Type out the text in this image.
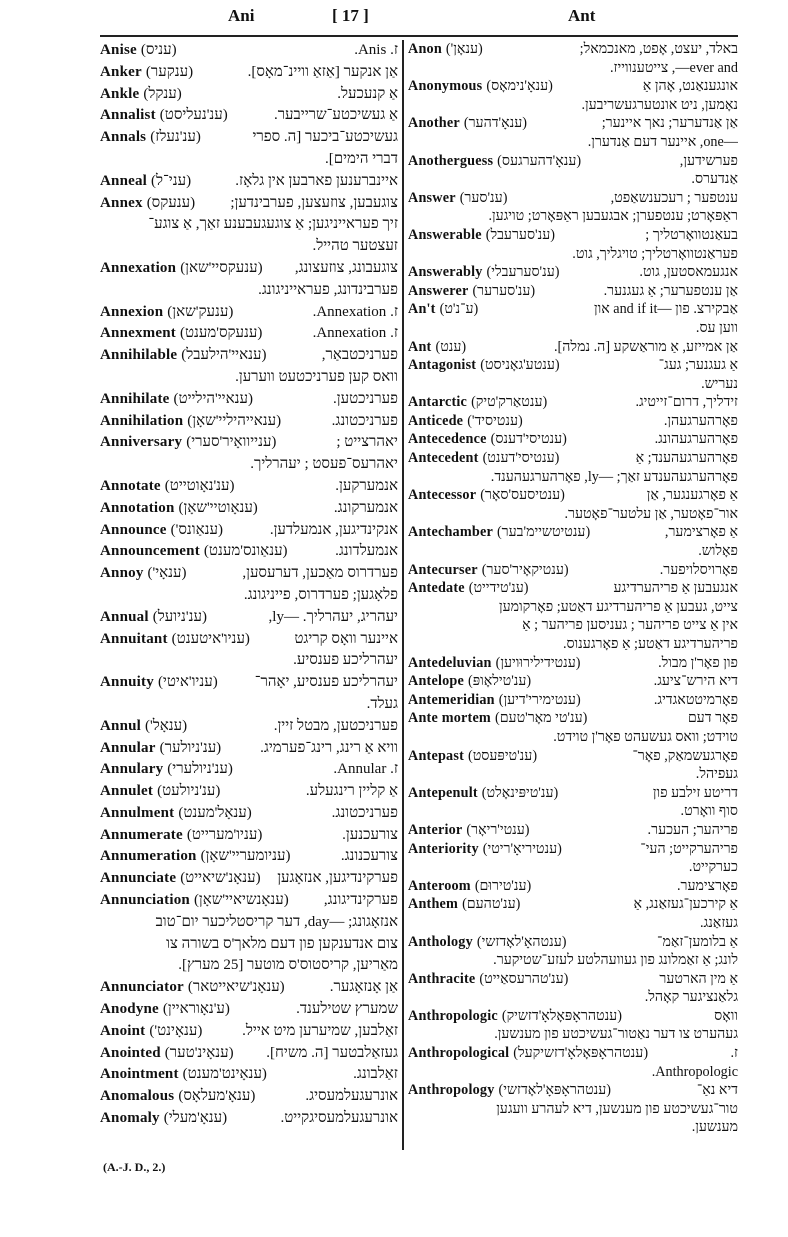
Ani	[ 17 ]	Ant
Anise (עניס)	ז. Anis.
Anker (ענקער)	אַן אנקער [אַזאַ וויינ־מאָס].
Ankle (ענקל)	אַ קנעכעל.
Annalist (ענ'נעליסט)	אַ געשיכטע־שרייבער.
Annals (ענ'נעלז)	געשיכטע־ביכער [ה. ספרי
דברי הימים].
Anneal (עני־ל)	איינברענען פארבען אין גלאָז.
Annex (ענעקס) צוגעבען, צוזעצען, פערבינדען;
זיך פעראייניגען; אַ צוגעגעבענע זאַך, אַ צוגע־
זעצטער טהייל.
Annexation (ענעקסיי'שאן) צוגעבונג, צוזעצונג,
פערבינדונג, פעראייניגונג.
Annexion (ענעק'שאן)	ז. Annexation.
Annexment (ענעקס'מענט)	ז. Annexation.
Annihilable (ענאיי'הילעבל)	פערניכטבאַר,
וואס קען פערניכטעט ווערען.
Annihilate (ענאיי'הילייט)	פערניכטען.
Annihilation (ענאייהיליי'שאָן)	פערניכטונג.
Anniversary (ענייוואָיר'סערי)	יאהרצייט ;
יאהרעס־פעסט ; יעהרליך.
Annotate (ענ'נאָוטייט)	אנמערקען.
Annotation (ענאָוטיי'שאָן)	אנמערקונג.
Announce (ענאַונס')	אנקינדיגען, אנמעלדען.
Announcement (ענאַונס'מענט)	אנמעלדונג.
Annoy (ענאָי')	פערדרוס מאַכען, דערעסען,
פלאָגען; פערדרוס, פייניגונג.
Annual (ענ'ניועל)	יעהריג, יעהרליך. —ly,
Annuitant (עניו'איטענט)	איינער וואָס קריגט
יעהרליכע פענסיע.
Annuity (עניו'איטי) יעהרליכע פענסיע, יאָהר־
געלד.
Annul (ענאָל')	פערניכטען, מבטל זיין.
Annular (ענ'ניולער)	וויא אַ רינג, רינג־פערמיג.
Annulary (ענ'ניולערי)	ז. Annular.
Annulet (ענ'ניולעט)	אַ קליין רינגעלע.
Annulment (ענאָל'מענט)	פערניכטונג.
Annumerate (עניו'מערייט)	צורעכנען.
Annumeration (עניומעריי'שאָן)	צורעכנונג.
Annunciate (ענאָנ'שיאייט) פערקינדיגען, אנזאָגען
Annunciation (ענאָנשיאיי'שאָן) פערקינדיגונג,
אנזאָגונג; —day, דער קריסטליכער יום־טוב
צום אנדענקען פון דעם מלאך'ס בשורה צו
מאַריען, קריסטוס'ס מוטער [25 מערץ].
Annunciator (ענאָנ'שיאייטאר)	אַן אָנזאָגער.
Anodyne (ע'נאָוראיין)	שמערץ שטילענד.
Anoint (ענאָינט')	זאַלבען, שמיערען מיט אייל.
Anointed (ענאָינ'טער) געזאַלבטער [ה. משיח].
Anointment (ענאָינט'מענט)	זאַלבונג.
Anomalous (ענאָ'מעלאָס)	אונרעגעלמעסיג.
Anomaly (ענאָ'מעלי)	אונרעגעלמעסיגקייט.
Anon (ענאָן')	באלד, יעצט, אָפט, מאנכמאל;
ever and—, צייטענווייז.
Anonymous (ענאָ'נימאָס)	אונגענאַנט, אָהן אַ
נאָמען, ניט אונטערגעשריבען.
Another (ענאָ'דהער)	אַן אַנדערער; נאך איינער;
—one, איינער דעם אַנדערן.
Anotherguess (ענאָ'דהערגעס)	פערשידען,
אַנדערס.
Answer (ענ'סער)	ענטפער ; רעכענשאַפט,
ראַפּאָרט; ענטפערן; אבגעבען ראַפּאָרט; טויגען.
Answerable (ענ'סערעבל)	בעאַנטוואָרטליך ;
פעראַנטוואָרטליך; טויגליך, גוט.
Answerably (ענ'סערעבלי)	אנגעמאסטען, גוט.
Answerer (ענ'סערער)	אַן ענטפערער; אַ געגנער.
An't (ע־נ'ט)	אַבקירצ. פון —and if it און
ווען עס.
Ant (ענט)	אַן אמייזע, אַ מוראַשקע [ה. נמלה].
Antagonist (ענטע'גאָניסט)	אַ געגנער; געג־
נעריש.
Antarctic (ענטאַרק'טיק)	זידליך, דרום־זייטיג.
Anticede (ענטיסיד')	פאָרהערגעהן.
Antecedence (ענטיסי'דענס)	פאָרהערגעהונג.
Antecedent (ענטיסי'דענט)	פאָרהערגעהענד; אַ
פאָרהערגעהענדע זאַך; —ly, פאָרהערגעהענד.
Antecessor (ענטיסעס'סאָר)	אַ פאָרגענגער, אַן
אור־פאָטער, אַן עלטער־פאָטער.
Antechamber (ענטיטשיימ'בער)	אַ פאָרצימער,
פאָלוש.
Antecurser (ענטיקאָיר'סער)	פאָרויסלויפער.
Antedate (ענ'טידייט)	אנגעבען אַ פריהערדיגע
צייט, געבען אַ פריהערדיגע דאַטע; פאָרקומען
אין אַ צייט פריהער ; געניסען פריהער ; אַ
פריהערדיגע דאַטע; אַ פאָרגענוס.
Antedeluvian (ענטידילירוּויען)	פון פאָר'ן מבול.
Antelope (ענ'טילאָופּ)	דיא הירש־ציעג.
Antemeridian (ענטימירי'דיען)	פאָרמיטטאגדיג.
Ante mortem (ענ'טי מאָר'טעם)	פאָר דעם
טוידט; וואס געשעהט פאָר'ן טוידט.
Antepast (ענ'טיפּעסט)	פאָרגעשמאַק, פאָר־
געפיהל.
Antepenult (ענ'טיפּינאָלט)	דריטע זילבע פון
סוף וואָרט.
Anterior (ענטי'ריאָר)	פריהער; העכער.
Anteriority (ענטיריאָ'ריטי)	פריהערקייט; העי־
כערקייט.
Anteroom (ענ'טירוּם)	פאָרצימער.
Anthem (ענ'טהעם)	אַ קירכען־געזאַנג, אַ
געזאַנג.
Anthology (ענטהאָ'לאָדזשי)	אַ בלומען־זאַמ־
לונג; אַ זאַמלונג פון געוועהלטע לעזע־שטיקער.
Anthracite (ענ'טהרעסאַייט)	אַ מין הארטער
גלאַנציגער קאָהל.
Anthropologic (ענטהראָפּאָלאָ'דזשיק)	וואָס
געהערט צו דער נאַטור־געשיכטע פון מענשען.
Anthropological (ענטהראָפּאָלאָ'דזשיקעל)	ז.
Anthropologic.
Anthropology (ענטהראָפּאָ'לאָדזשי)	דיא נאַ־
טור־געשיכטע פון מענשען, דיא לעהרע וועגען
מענשען.
(A.-J. D., 2.)
